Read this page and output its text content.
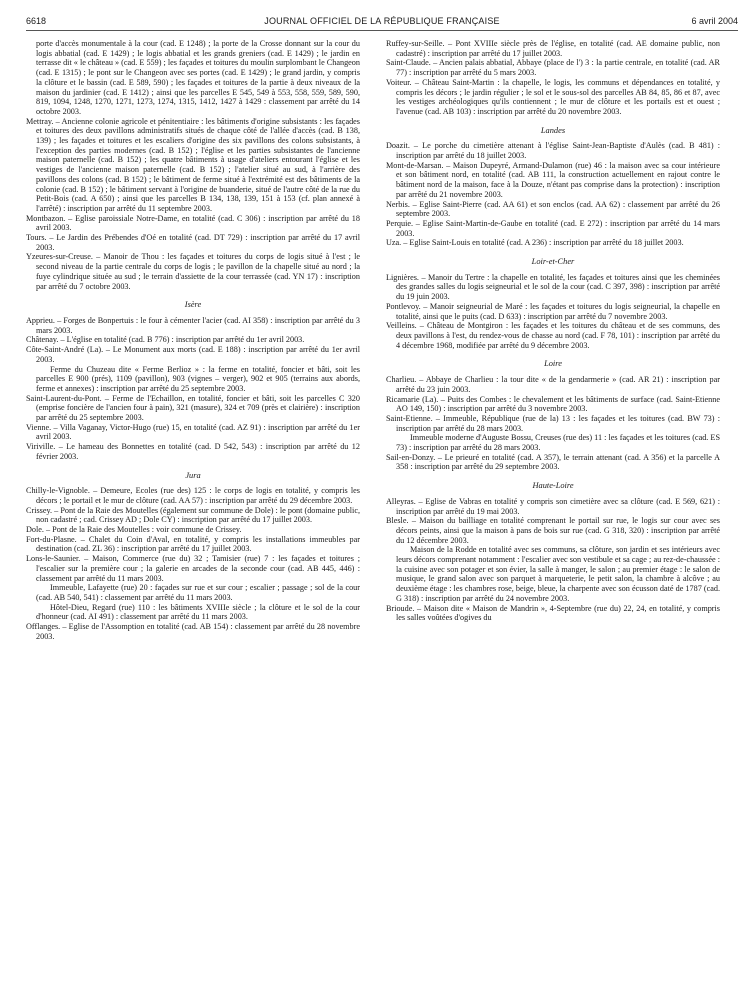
6618	JOURNAL OFFICIEL DE LA RÉPUBLIQUE FRANÇAISE	6 avril 2004

porte d'accès monumentale à la cour (cad. E 1248) ; la porte de la Crosse donnant sur la cour du logis abbatial (cad. E 1429) ; le logis abbatial et les grands greniers (cad. E 1429) ; le jardin en terrasse dit « le château » (cad. E 559) ; les façades et toitures du moulin surplombant le Changeon (cad. E 1315) ; le pont sur le Changeon avec ses portes (cad. E 1429) ; le grand jardin, y compris la clôture et le bassin (cad. E 589, 590) ; les façades et toitures de la partie à deux niveaux de la maison du jardinier (cad. E 1412) ; ainsi que les parcelles E 545, 549 à 553, 558, 559, 589, 590, 819, 1094, 1248, 1270, 1271, 1273, 1274, 1315, 1412, 1427 à 1429 : classement par arrêté du 14 octobre 2003.

Mettray. – Ancienne colonie agricole et pénitentiaire : les bâtiments d'origine subsistants : les façades et toitures des deux pavillons administratifs situés de chaque côté de l'allée d'accès (cad. B 138, 139) ; les façades et toitures et les escaliers d'origine des six pavillons des colons subsistants, à l'exception des parties modernes (cad. B 152) ; l'église et les parties subsistantes de l'ancienne maison paternelle (cad. B 152) ; les quatre bâtiments à usage d'ateliers entourant l'église et les vestiges de l'ancienne maison paternelle (cad. B 152) ; l'atelier situé au sud, à l'arrière des pavillons des colons (cad. B 152) ; le bâtiment de ferme situé à l'extrémité est des bâtiments de la colonie (cad. B 152) ; le bâtiment servant à l'origine de buanderie, situé de l'autre côté de la rue du Petit-Bois (cad. A 650) ; ainsi que les parcelles B 134, 138, 139, 151 à 153 (cf. plan annexé à l'arrêté) : inscription par arrêté du 11 septembre 2003.

Montbazon. – Eglise paroissiale Notre-Dame, en totalité (cad. C 306) : inscription par arrêté du 18 avril 2003.

Tours. – Le Jardin des Prébendes d'Oé en totalité (cad. DT 729) : inscription par arrêté du 17 avril 2003.

Yzeures-sur-Creuse. – Manoir de Thou : les façades et toitures du corps de logis situé à l'est ; le second niveau de la partie centrale du corps de logis ; le pavillon de la chapelle situé au nord ; la fuye cylindrique située au sud ; le terrain d'assiette de la cour terrassée (cad. YN 17) : inscription par arrêté du 7 octobre 2003.

Isère

Apprieu. – Forges de Bonpertuis : le four à cémenter l'acier (cad. AI 358) : inscription par arrêté du 3 mars 2003.

Châtenay. – L'église en totalité (cad. B 776) : inscription par arrêté du 1er avril 2003.

Côte-Saint-André (La). – Le Monument aux morts (cad. E 188) : inscription par arrêté du 1er avril 2003.

Ferme du Chuzeau dite « Ferme Berlioz » : la ferme en totalité, foncier et bâti, soit les parcelles E 900 (prés), 1109 (pavillon), 903 (vignes – verger), 902 et 905 (terrains aux abords, ferme et annexes) : inscription par arrêté du 25 septembre 2003.

Saint-Laurent-du-Pont. – Ferme de l'Echaillon, en totalité, foncier et bâti, soit les parcelles C 320 (emprise foncière de l'ancien four à pain), 321 (masure), 324 et 709 (près et clairière) : inscription par arrêté du 25 septembre 2003.

Vienne. – Villa Vaganay, Victor-Hugo (rue) 15, en totalité (cad. AZ 91) : inscription par arrêté du 1er avril 2003.

Viriville. – Le hameau des Bonnettes en totalité (cad. D 542, 543) : inscription par arrêté du 12 février 2003.

Jura

Chilly-le-Vignoble. – Demeure, Ecoles (rue des) 125 : le corps de logis en totalité, y compris les décors ; le portail et le mur de clôture (cad. AA 57) : inscription par arrêté du 29 décembre 2003.

Crissey. – Pont de la Raie des Moutelles (également sur commune de Dole) : le pont (domaine public, non cadastré ; cad. Crissey AD ; Dole CY) : inscription par arrêté du 17 juillet 2003.

Dole. – Pont de la Raie des Moutelles : voir commune de Crissey.

Fort-du-Plasne. – Chalet du Coin d'Aval, en totalité, y compris les installations immeubles par destination (cad. ZL 36) : inscription par arrêté du 17 juillet 2003.

Lons-le-Saunier. – Maison, Commerce (rue du) 32 ; Tamisier (rue) 7 : les façades et toitures ; l'escalier sur la première cour ; la galerie en arcades de la seconde cour (cad. AB 445, 446) : classement par arrêté du 11 mars 2003.

Immeuble, Lafayette (rue) 20 : façades sur rue et sur cour ; escalier ; passage ; sol de la cour (cad. AB 540, 541) : classement par arrêté du 11 mars 2003.

Hôtel-Dieu, Regard (rue) 110 : les bâtiments XVIIIe siècle ; la clôture et le sol de la cour d'honneur (cad. AI 491) : classement par arrêté du 11 mars 2003.

Offlanges. – Eglise de l'Assomption en totalité (cad. AB 154) : classement par arrêté du 28 novembre 2003.

Ruffey-sur-Seille. – Pont XVIIIe siècle près de l'église, en totalité (cad. AE domaine public, non cadastré) : inscription par arrêté du 17 juillet 2003.

Saint-Claude. – Ancien palais abbatial, Abbaye (place de l') 3 : la partie centrale, en totalité (cad. AR 77) : inscription par arrêté du 5 mars 2003.

Voiteur. – Château Saint-Martin : la chapelle, le logis, les communs et dépendances en totalité, y compris les décors ; le jardin régulier ; le sol et le sous-sol des parcelles AB 84, 85, 86 et 87, avec les vestiges archéologiques qu'ils contiennent ; le mur de clôture et les portails est et ouest ; l'avenue (cad. AB 103) : inscription par arrêté du 20 novembre 2003.

Landes

Doazit. – Le porche du cimetière attenant à l'église Saint-Jean-Baptiste d'Aulès (cad. B 481) : inscription par arrêté du 18 juillet 2003.

Mont-de-Marsan. – Maison Dupeyré, Armand-Dulamon (rue) 46 : la maison avec sa cour intérieure et son bâtiment nord, en totalité (cad. AB 111, la construction actuellement en rajout contre le bâtiment nord de la maison, face à la Douze, n'étant pas comprise dans la protection) : inscription par arrêté du 21 novembre 2003.

Nerbis. – Eglise Saint-Pierre (cad. AA 61) et son enclos (cad. AA 62) : classement par arrêté du 26 septembre 2003.

Perquie. – Eglise Saint-Martin-de-Gaube en totalité (cad. E 272) : inscription par arrêté du 14 mars 2003.

Uza. – Eglise Saint-Louis en totalité (cad. A 236) : inscription par arrêté du 18 juillet 2003.

Loir-et-Cher

Lignières. – Manoir du Tertre : la chapelle en totalité, les façades et toitures ainsi que les cheminées des grandes salles du logis seigneurial et le sol de la cour (cad. C 397, 398) : inscription par arrêté du 19 juin 2003.

Pontlevoy. – Manoir seigneurial de Maré : les façades et toitures du logis seigneurial, la chapelle en totalité, ainsi que le puits (cad. D 633) : inscription par arrêté du 7 novembre 2003.

Veilleins. – Château de Montgiron : les façades et les toitures du château et de ses communs, des deux pavillons à l'est, du rendez-vous de chasse au nord (cad. F 78, 101) : inscription par arrêté du 4 décembre 1968, modifiée par arrêté du 9 décembre 2003.

Loire

Charlieu. – Abbaye de Charlieu : la tour dite « de la gendarmerie » (cad. AR 21) : inscription par arrêté du 23 juin 2003.

Ricamarie (La). – Puits des Combes : le chevalement et les bâtiments de surface (cad. Saint-Etienne AO 149, 150) : inscription par arrêté du 3 novembre 2003.

Saint-Etienne. – Immeuble, République (rue de la) 13 : les façades et les toitures (cad. BW 73) : inscription par arrêté du 28 mars 2003.

Immeuble moderne d'Auguste Bossu, Creuses (rue des) 11 : les façades et les toitures (cad. ES 73) : inscription par arrêté du 28 mars 2003.

Sail-en-Donzy. – Le prieuré en totalité (cad. A 357), le terrain attenant (cad. A 356) et la parcelle A 358 : inscription par arrêté du 29 septembre 2003.

Haute-Loire

Alleyras. – Eglise de Vabras en totalité y compris son cimetière avec sa clôture (cad. E 569, 621) : inscription par arrêté du 19 mai 2003.

Blesle. – Maison du bailliage en totalité comprenant le portail sur rue, le logis sur cour avec ses décors peints, ainsi que la maison à pans de bois sur rue (cad. G 318, 320) : inscription par arrêté du 12 décembre 2003.

Maison de la Rodde en totalité avec ses communs, sa clôture, son jardin et ses intérieurs avec leurs décors comprenant notamment : l'escalier avec son vestibule et sa cage ; au rez-de-chaussée : la cuisine avec son potager et son évier, la salle à manger, le salon ; au premier étage : le salon de musique, le grand salon avec son parquet à marqueterie, le petit salon, la chambre à alcôve ; au deuxième étage : les chambres rose, beige, bleue, la charpente avec son écusson daté de 1787 (cad. G 318) : inscription par arrêté du 24 novembre 2003.

Brioude. – Maison dite « Maison de Mandrin », 4-Septembre (rue du) 22, 24, en totalité, y compris les salles voûtées d'ogives du
